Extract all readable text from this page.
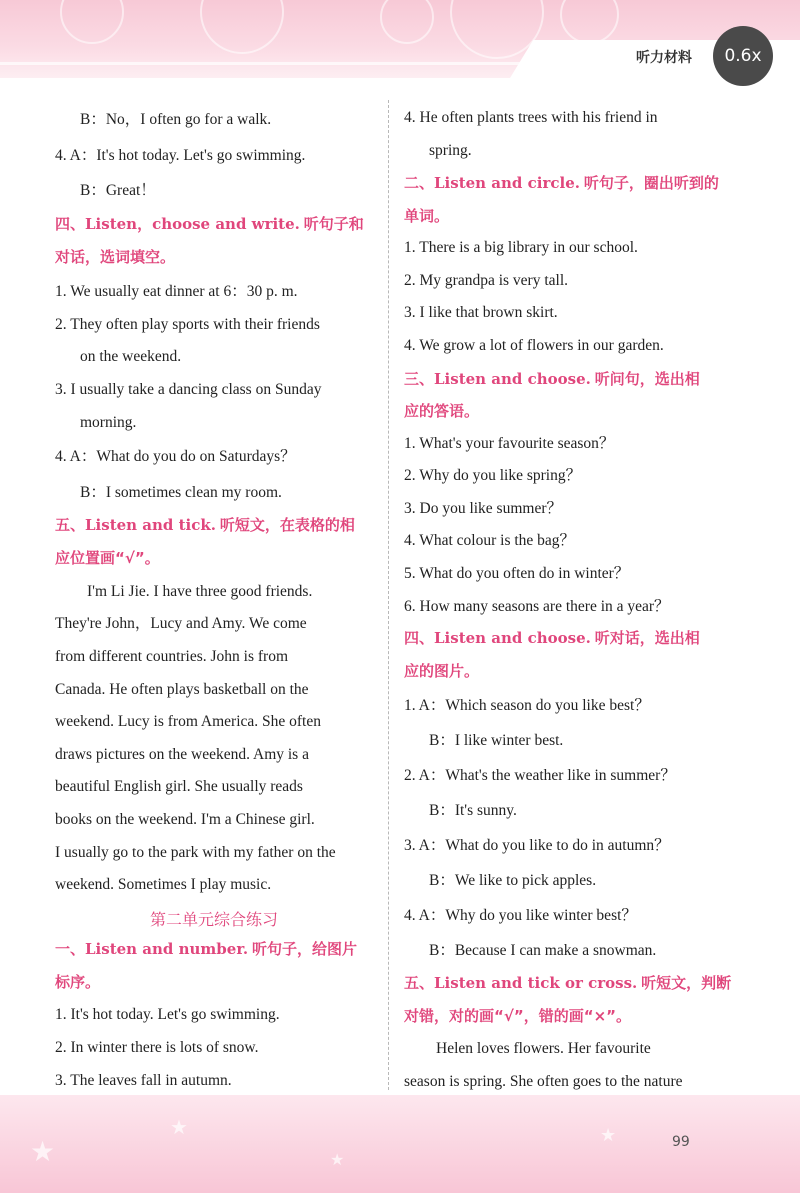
听力材料	0.6x
B：No，I often go for a walk.
4. A：It's hot today. Let's go swimming.
B：Great！
四、Listen，choose and write. 听句子和
对话，选词填空。
1. We usually eat dinner at 6：30 p. m.
2. They often play sports with their friends
on the weekend.
3. I usually take a dancing class on Sunday
morning.
4. A：What do you do on Saturdays？
B：I sometimes clean my room.
五、Listen and tick. 听短文，在表格的相
应位置画“√”。
I'm Li Jie. I have three good friends.
They're John，Lucy and Amy. We come
from different countries. John is from
Canada. He often plays basketball on the
weekend. Lucy is from America. She often
draws pictures on the weekend. Amy is a
beautiful English girl. She usually reads
books on the weekend. I'm a Chinese girl.
I usually go to the park with my father on the
weekend. Sometimes I play music.
第二单元综合练习
一、Listen and number. 听句子，给图片
标序。
1. It's hot today. Let's go swimming.
2. In winter there is lots of snow.
3. The leaves fall in autumn.
4. He often plants trees with his friend in
spring.
二、Listen and circle. 听句子，圈出听到的
单词。
1. There is a big library in our school.
2. My grandpa is very tall.
3. I like that brown skirt.
4. We grow a lot of flowers in our garden.
三、Listen and choose. 听问句，选出相
应的答语。
1. What's your favourite season？
2. Why do you like spring？
3. Do you like summer？
4. What colour is the bag？
5. What do you often do in winter？
6. How many seasons are there in a year？
四、Listen and choose. 听对话，选出相
应的图片。
1. A：Which season do you like best？
B：I like winter best.
2. A：What's the weather like in summer？
B：It's sunny.
3. A：What do you like to do in autumn？
B：We like to pick apples.
4. A：Why do you like winter best？
B：Because I can make a snowman.
五、Listen and tick or cross. 听短文，判断
对错，对的画“√”，错的画“×”。
Helen loves flowers. Her favourite
season is spring. She often goes to the nature
★
★
★
★	99
